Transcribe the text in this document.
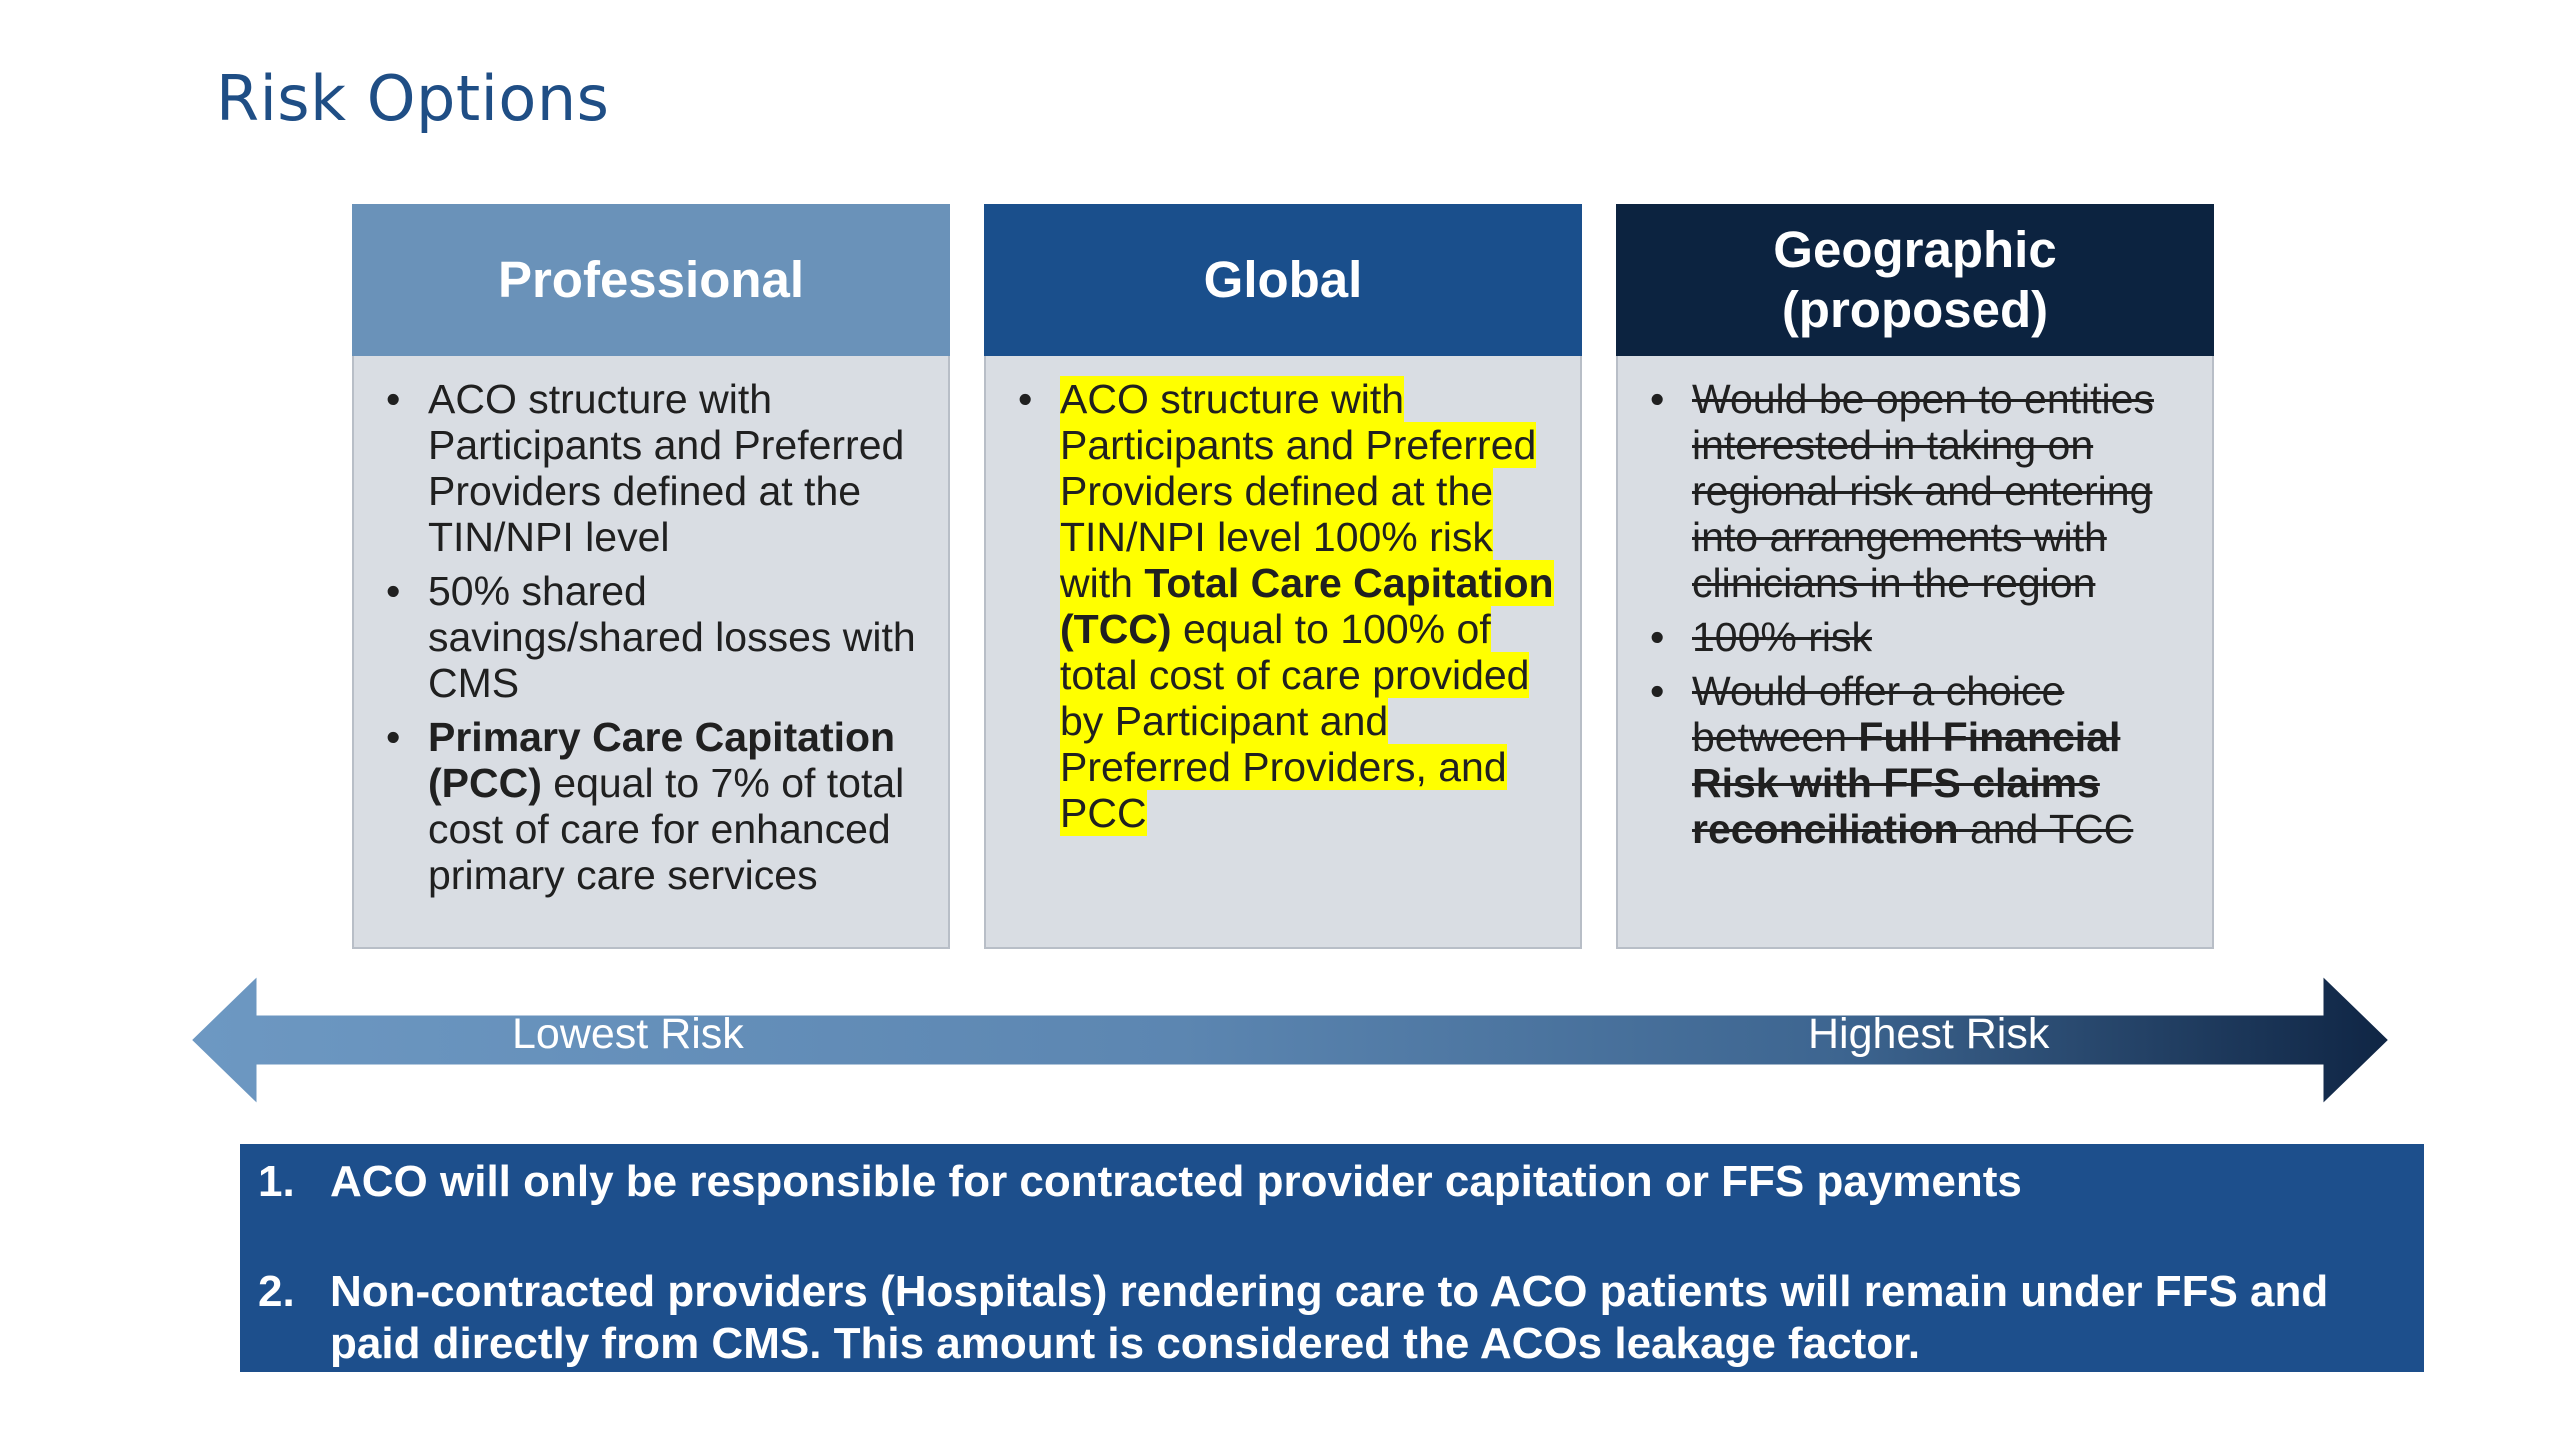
Risk Options
Professional
• ACO structure with Participants and Preferred Providers defined at the TIN/NPI level
• 50% shared savings/shared losses with CMS
• Primary Care Capitation (PCC) equal to 7% of total cost of care for enhanced primary care services
Global
• ACO structure with Participants and Preferred Providers defined at the TIN/NPI level 100% risk with Total Care Capitation (TCC) equal to 100% of total cost of care provided by Participant and Preferred Providers, and PCC
Geographic
(proposed)
• Would be open to entities interested in taking on regional risk and entering into arrangements with clinicians in the region
• 100% risk
• Would offer a choice between Full Financial Risk with FFS claims reconciliation and TCC
Lowest Risk	Highest Risk
1. ACO will only be responsible for contracted provider capitation or FFS payments
2. Non-contracted providers (Hospitals) rendering care to ACO patients will remain under FFS and paid directly from CMS. This amount is considered the ACOs leakage factor.
